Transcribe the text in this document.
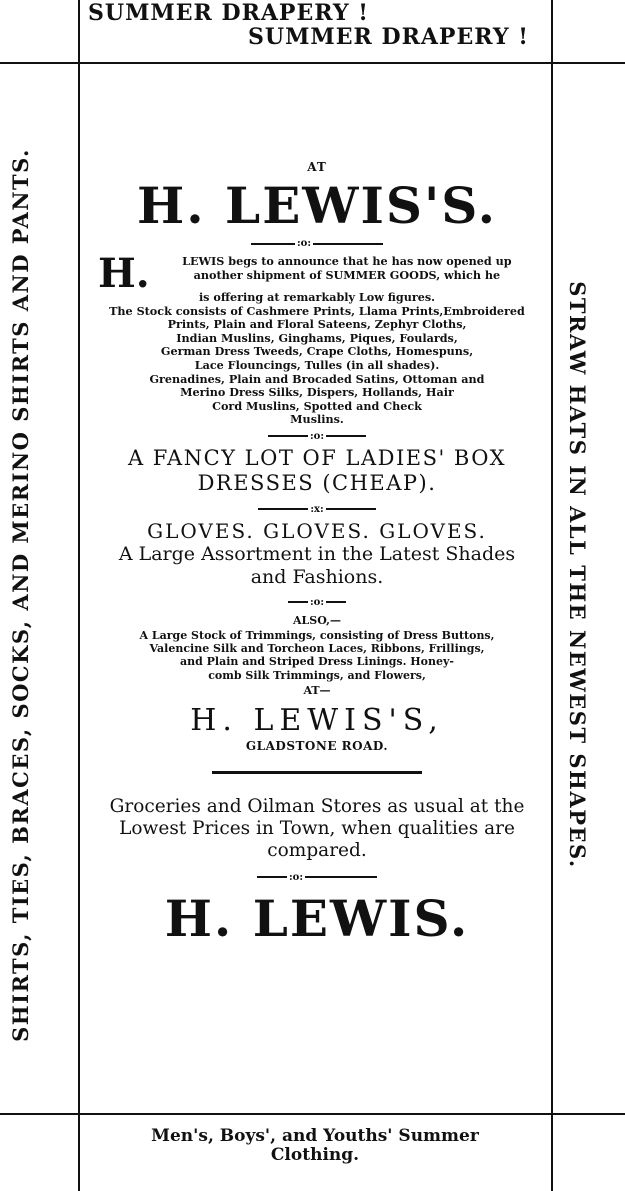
SUMMER DRAPERY !
SUMMER DRAPERY !
SHIRTS, TIES, BRACES, SOCKS, AND MERINO SHIRTS AND PANTS.	STRAW HATS IN ALL THE NEWEST SHAPES.
AT
H. LEWIS'S.
:o:
H.	LEWIS begs to announce that he has now opened up

another shipment of SUMMER GOODS, which he

is offering at remarkably Low figures.

The Stock consists of Cashmere Prints, Llama Prints,Embroidered

Prints, Plain and Floral Sateens, Zephyr Cloths,

Indian Muslins, Ginghams, Piques, Foulards,

German Dress Tweeds, Crape Cloths, Homespuns,

Lace Flouncings, Tulles (in all shades).

Grenadines, Plain and Brocaded Satins, Ottoman and

Merino Dress Silks, Dispers, Hollands, Hair

Cord Muslins, Spotted and Check

Muslins.

:o:
A FANCY LOT OF LADIES' BOX
DRESSES (CHEAP).
:x:
GLOVES. GLOVES. GLOVES.
A Large Assortment in the Latest Shades
and Fashions.
:o:
ALSO,—
A Large Stock of Trimmings, consisting of Dress Buttons,
Valencine Silk and Torcheon Laces, Ribbons, Frillings,
and Plain and Striped Dress Linings. Honey-
comb Silk Trimmings, and Flowers,
AT—
H. LEWIS'S,
GLADSTONE ROAD.
Groceries and Oilman Stores as usual at the
Lowest Prices in Town, when qualities are
compared.
:o:
H. LEWIS.
Men's, Boys', and Youths' Summer
Clothing.
